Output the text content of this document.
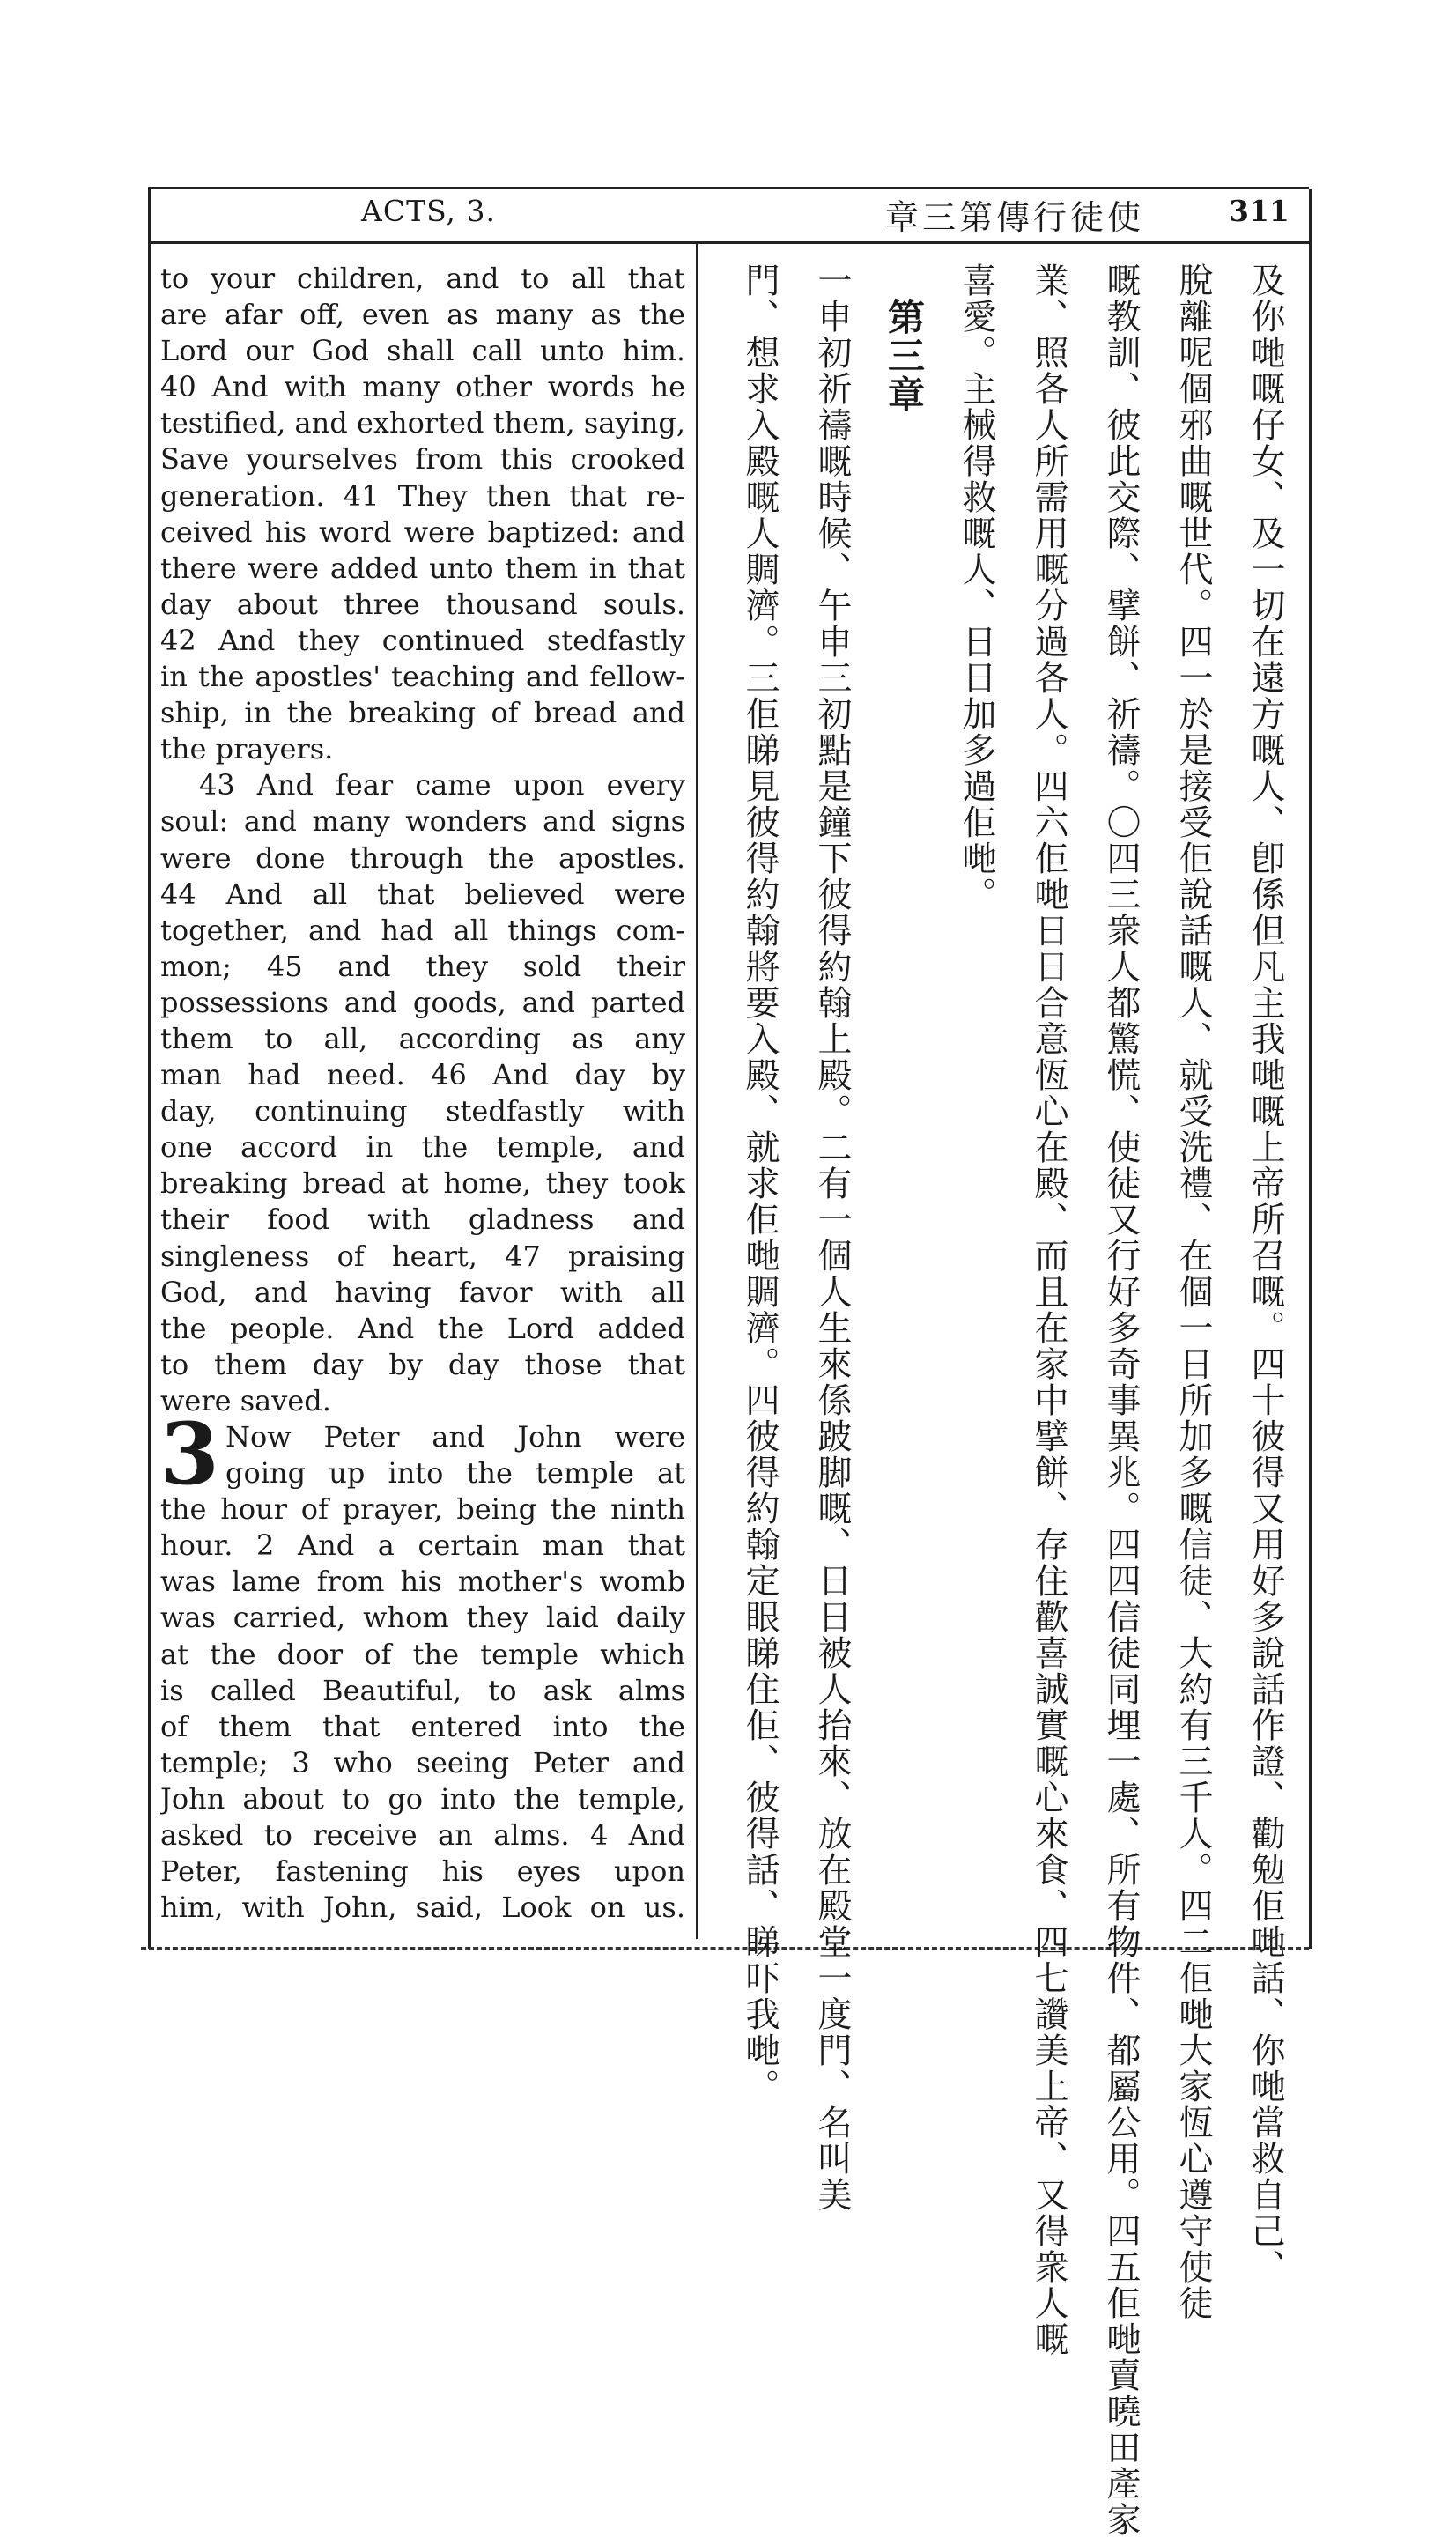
ACTS, 3.	章三第傳行徒使	311
to your children, and to all that
are afar off, even as many as the
Lord our God shall call unto him.
40 And with many other words he
testified, and exhorted them, saying,
Save yourselves from this crooked
generation. 41 They then that re-
ceived his word were baptized: and
there were added unto them in that
day about three thousand souls.
42 And they continued stedfastly
in the apostles' teaching and fellow-
ship, in the breaking of bread and
the prayers.
43 And fear came upon every
soul: and many wonders and signs
were done through the apostles.
44 And all that believed were
together, and had all things com-
mon; 45 and they sold their
possessions and goods, and parted
them to all, according as any
man had need. 46 And day by
day, continuing stedfastly with
one accord in the temple, and
breaking bread at home, they took
their food with gladness and
singleness of heart, 47 praising
God, and having favor with all
the people. And the Lord added
to them day by day those that
were saved.
3 Now Peter and John were
going up into the temple at
the hour of prayer, being the ninth
hour. 2 And a certain man that
was lame from his mother's womb
was carried, whom they laid daily
at the door of the temple which
is called Beautiful, to ask alms
of them that entered into the
temple; 3 who seeing Peter and
John about to go into the temple,
asked to receive an alms. 4 And
Peter, fastening his eyes upon
him, with John, said, Look on us.	及你哋嘅仔女、及一切在遠方嘅人、卽係但凡主我哋嘅上帝所召嘅。四十彼得又用好多說話作證、勸勉佢哋話、你哋當救自己、
脫離呢個邪曲嘅世代。四一於是接受佢說話嘅人、就受洗禮、在個一日所加多嘅信徒、大約有三千人。四二佢哋大家恆心遵守使徒
嘅教訓、彼此交際、擘餅、祈禱。〇四三衆人都驚慌、使徒又行好多奇事異兆。四四信徒同埋一處、所有物件、都屬公用。四五佢哋賣曉田產家
業、照各人所需用嘅分過各人。四六佢哋日日合意恆心在殿、而且在家中擘餅、存住歡喜誠實嘅心來食、四七讚美上帝、又得衆人嘅
喜愛。主械得救嘅人、日日加多過佢哋。
第三章
一申初祈禱嘅時候、午申三初點是鐘下彼得約翰上殿。二有一個人生來係跛脚嘅、日日被人抬來、放在殿堂一度門、名叫美
門、想求入殿嘅人賙濟。三佢睇見彼得約翰將要入殿、就求佢哋賙濟。四彼得約翰定眼睇住佢、彼得話、睇吓我哋。
